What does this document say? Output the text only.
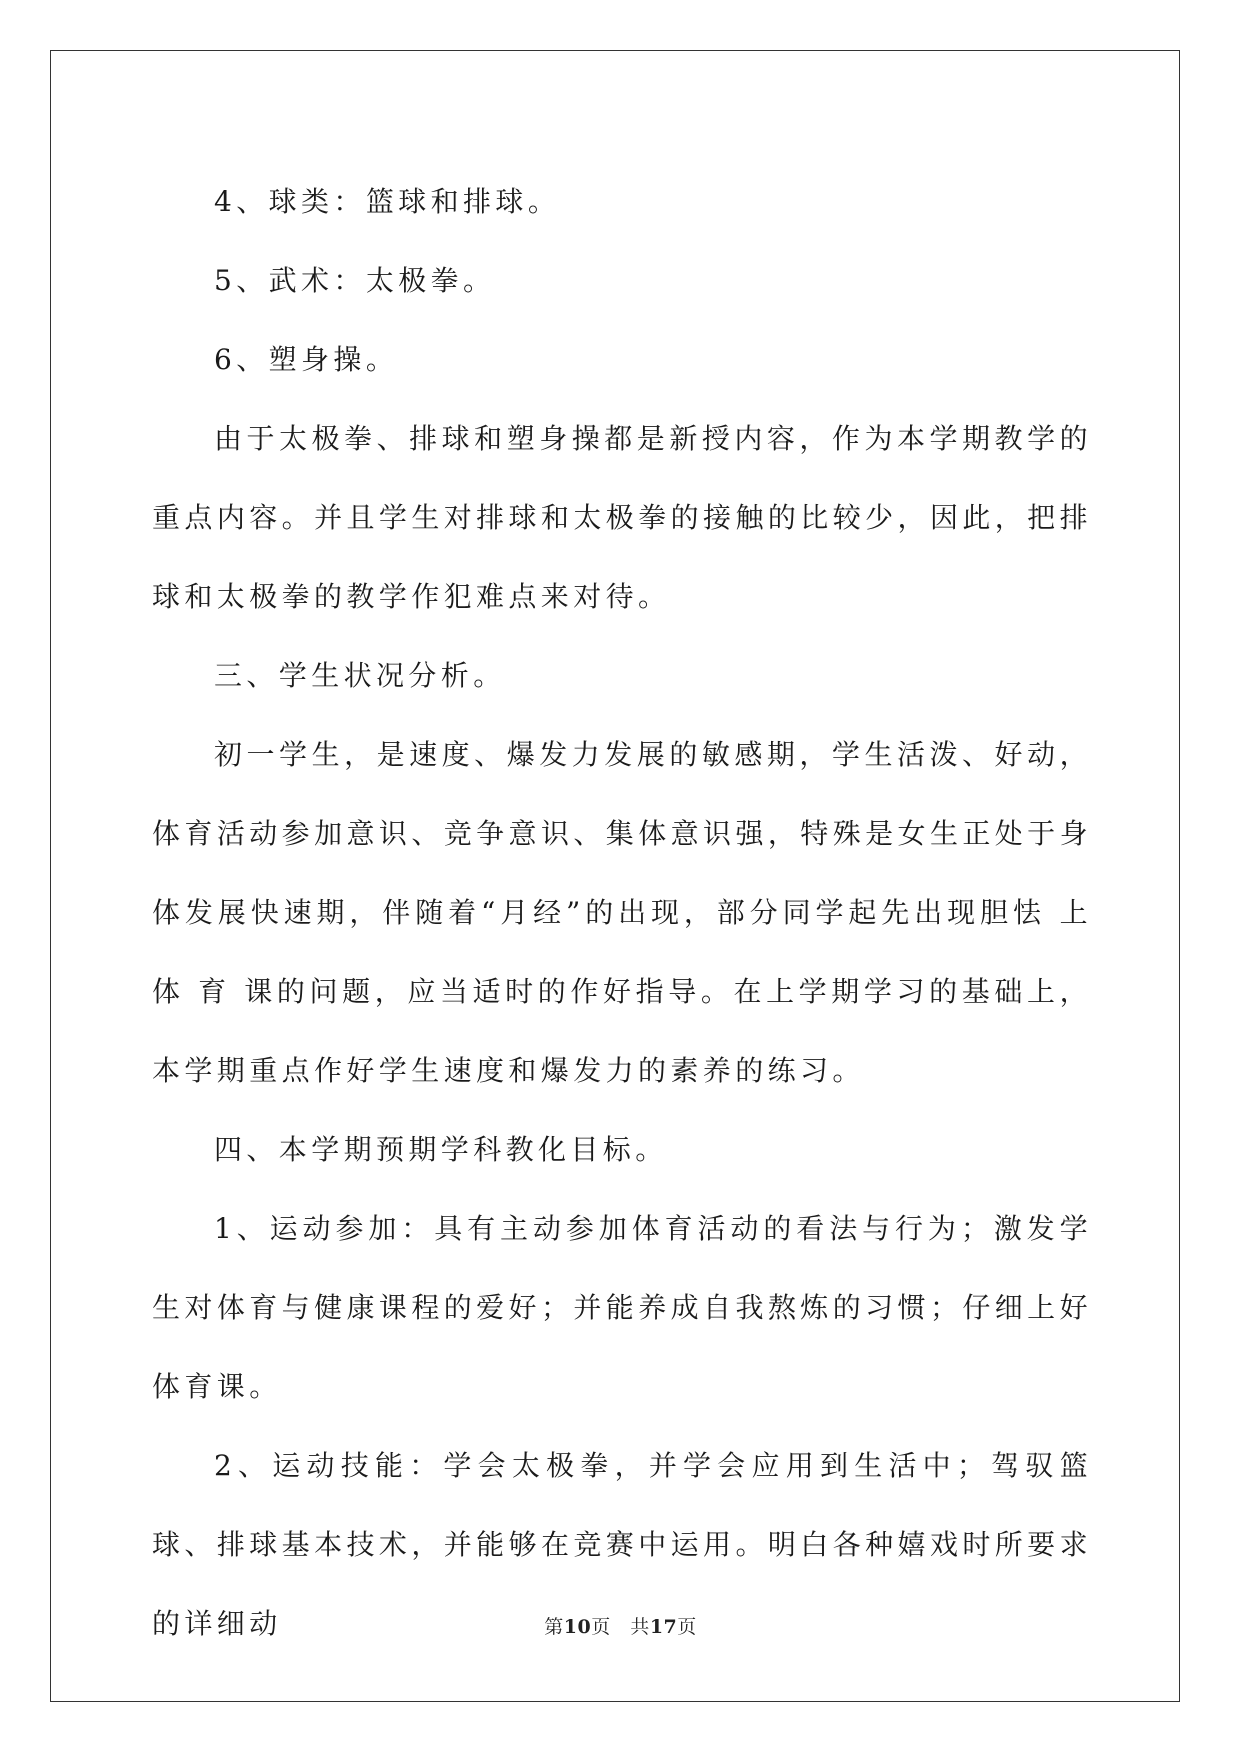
4、球类：篮球和排球。

5、武术：太极拳。

6、塑身操。

由于太极拳、排球和塑身操都是新授内容，作为本学期教学的重点内容。并且学生对排球和太极拳的接触的比较少，因此，把排球和太极拳的教学作犯难点来对待。

三、学生状况分析。

初一学生，是速度、爆发力发展的敏感期，学生活泼、好动，体育活动参加意识、竞争意识、集体意识强，特殊是女生正处于身体发展快速期，伴随着“月经”的出现，部分同学起先出现胆怯 上 体 育 课的问题，应当适时的作好指导。在上学期学习的基础上，本学期重点作好学生速度和爆发力的素养的练习。

四、本学期预期学科教化目标。

1、运动参加：具有主动参加体育活动的看法与行为；激发学生对体育与健康课程的爱好；并能养成自我熬炼的习惯；仔细上好体育课。

2、运动技能：学会太极拳，并学会应用到生活中；驾驭篮球、排球基本技术，并能够在竞赛中运用。明白各种嬉戏时所要求的详细动	第10页   共17页
